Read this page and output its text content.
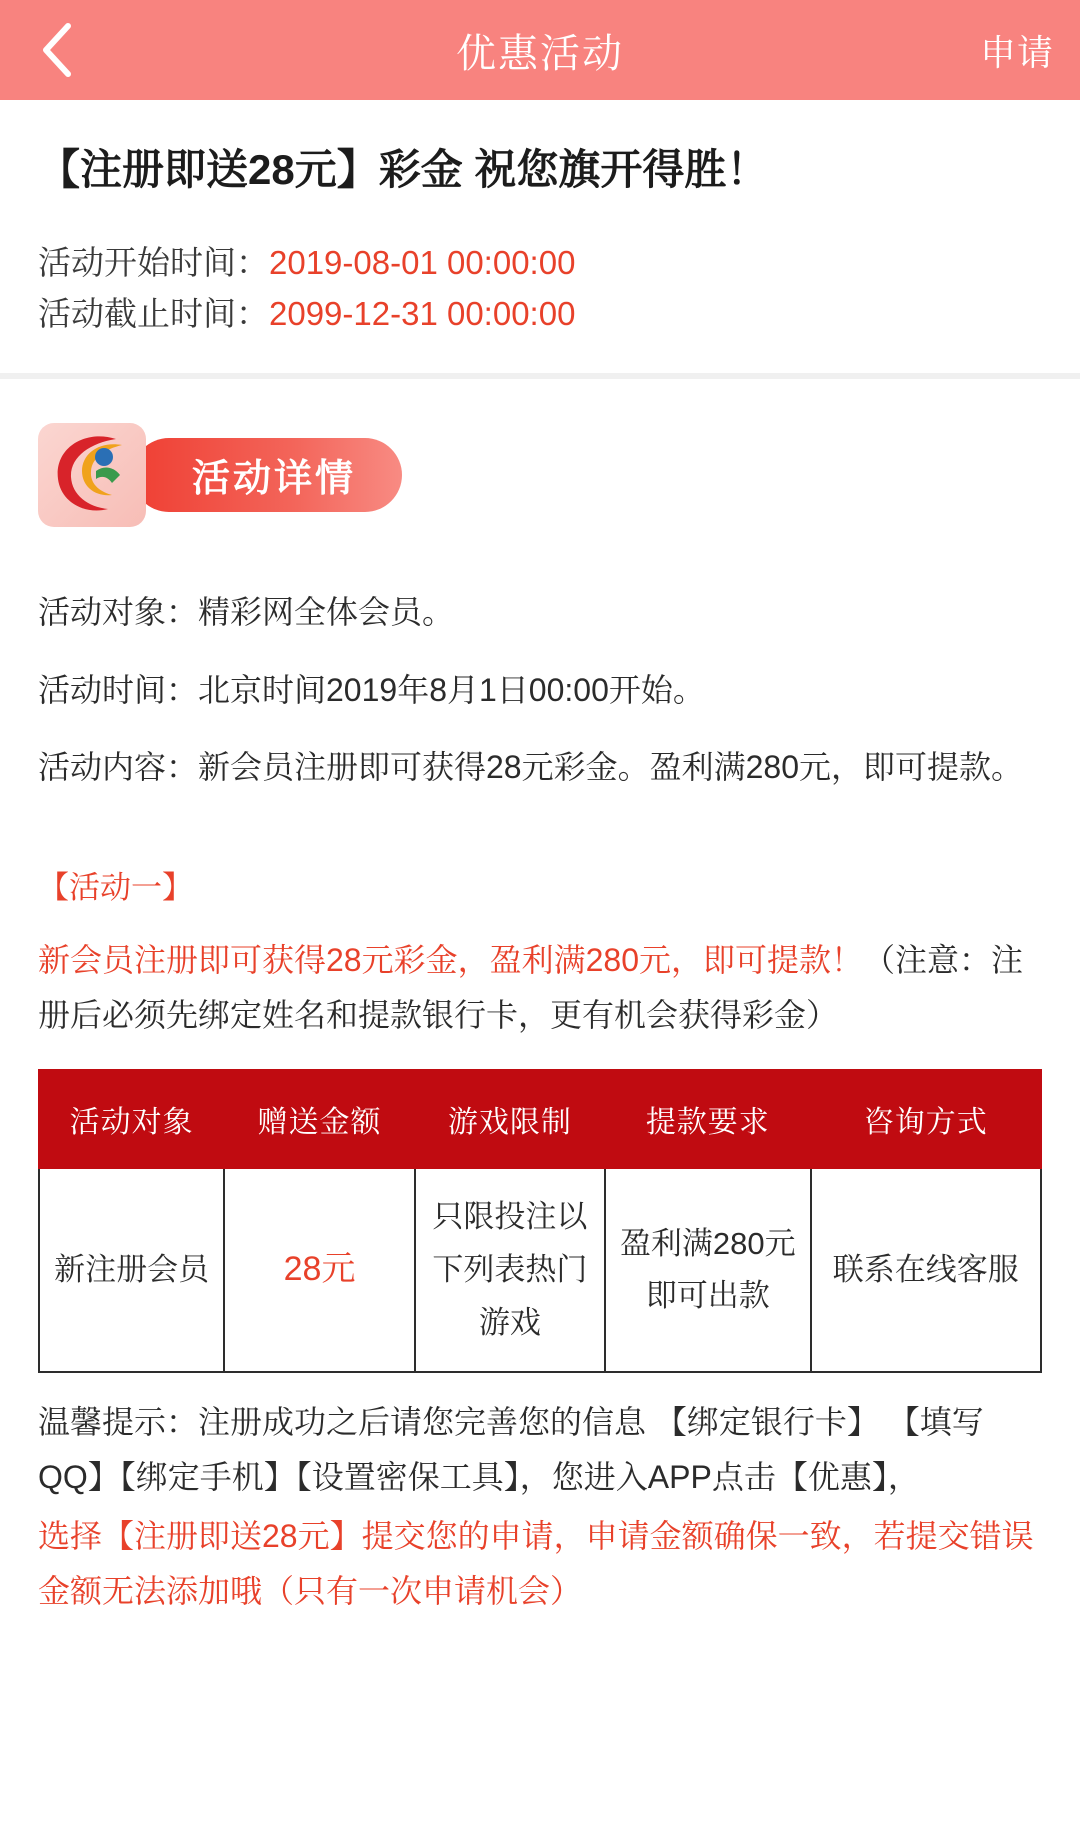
优惠活动	申请
【注册即送28元】彩金 祝您旗开得胜！
活动开始时间：2019-08-01 00:00:00
活动截止时间：2099-12-31 00:00:00
活动详情
活动对象：精彩网全体会员。
活动时间：北京时间2019年8月1日00:00开始。
活动内容：新会员注册即可获得28元彩金。盈利满280元，即可提款。
【活动一】
新会员注册即可获得28元彩金，盈利满280元，即可提款！（注意：注册后必须先绑定姓名和提款银行卡，更有机会获得彩金）
活动对象	赠送金额	游戏限制	提款要求	咨询方式
新注册会员	28元	只限投注以下列表热门游戏	盈利满280元即可出款	联系在线客服
温馨提示：注册成功之后请您完善您的信息 【绑定银行卡】 【填写QQ】【绑定手机】【设置密保工具】，您进入APP点击【优惠】，
选择【注册即送28元】提交您的申请，申请金额确保一致，若提交错误金额无法添加哦（只有一次申请机会）
